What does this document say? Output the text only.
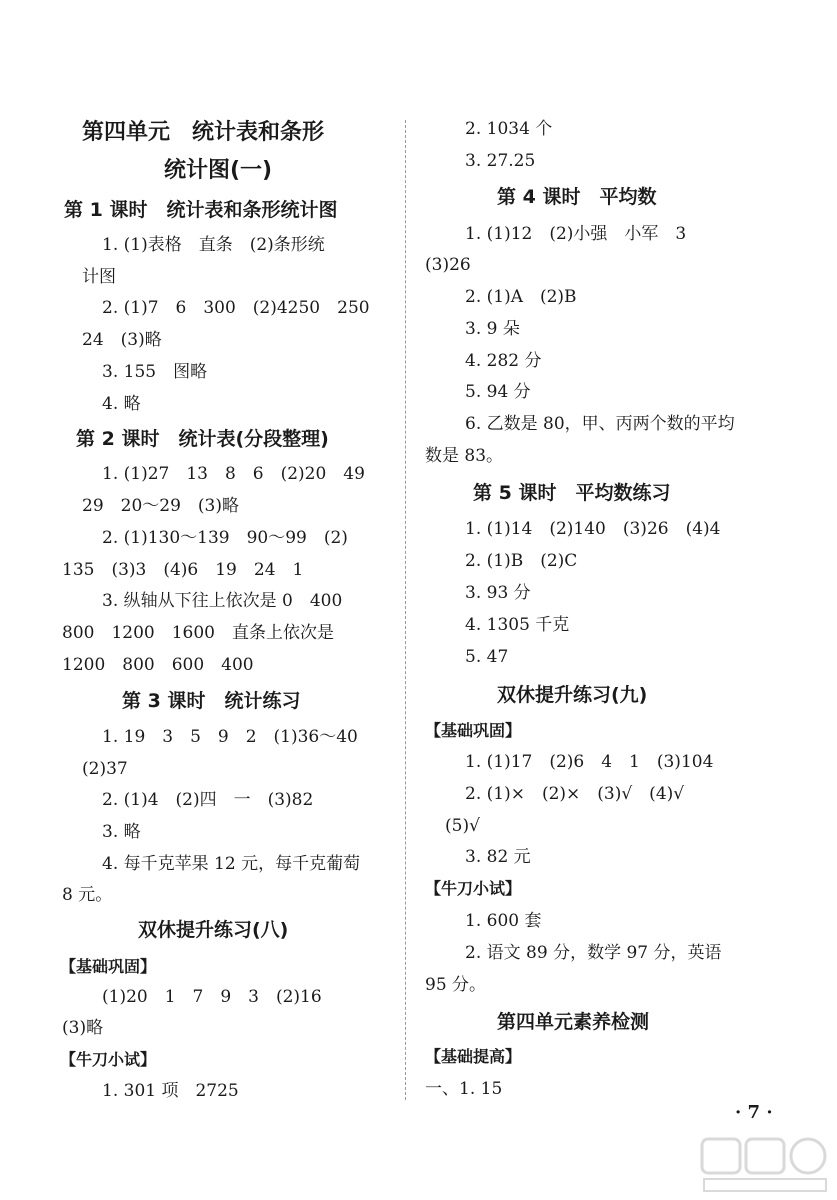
第四单元　统计表和条形
统计图(一)
第 1 课时　统计表和条形统计图
1. (1)表格　直条　(2)条形统
计图
2. (1)7　6　300　(2)4250　250
24　(3)略
3. 155　图略
4. 略
第 2 课时　统计表(分段整理)
1. (1)27　13　8　6　(2)20　49
29　20～29　(3)略
2. (1)130～139　90～99　(2)
135　(3)3　(4)6　19　24　1
3. 纵轴从下往上依次是 0　400
800　1200　1600　直条上依次是
1200　800　600　400
第 3 课时　统计练习
1. 19　3　5　9　2　(1)36～40
(2)37
2. (1)4　(2)四　一　(3)82
3. 略
4. 每千克苹果 12 元，每千克葡萄
8 元。
双休提升练习(八)
【基础巩固】
(1)20　1　7　9　3　(2)16
(3)略
【牛刀小试】
1. 301 项　2725
2. 1034 个
3. 27.25
第 4 课时　平均数
1. (1)12　(2)小强　小军　3
(3)26
2. (1)A　(2)B
3. 9 朵
4. 282 分
5. 94 分
6. 乙数是 80，甲、丙两个数的平均
数是 83。
第 5 课时　平均数练习
1. (1)14　(2)140　(3)26　(4)4
2. (1)B　(2)C
3. 93 分
4. 1305 千克
5. 47
双休提升练习(九)
【基础巩固】
1. (1)17　(2)6　4　1　(3)104
2. (1)×　(2)×　(3)√　(4)√
(5)√
3. 82 元
【牛刀小试】
1. 600 套
2. 语文 89 分，数学 97 分，英语
95 分。
第四单元素养检测
【基础提高】
一、1. 15
· 7 ·
